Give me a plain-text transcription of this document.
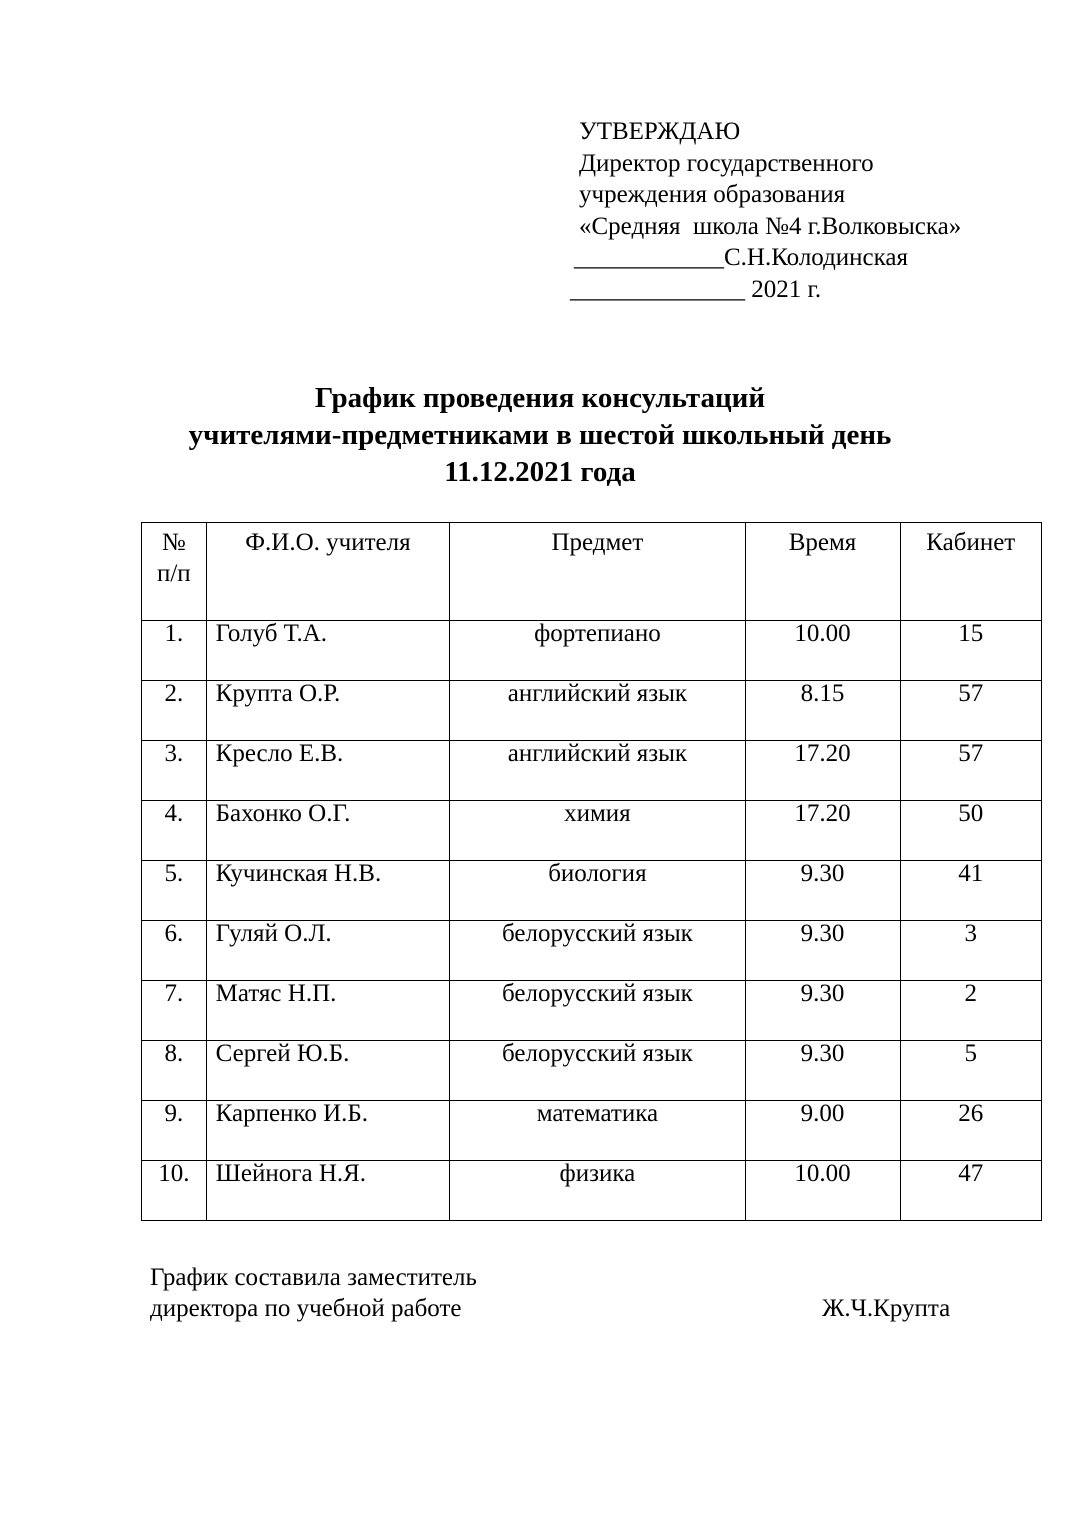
УТВЕРЖДАЮ
Директор государственного
учреждения образования
«Средняя  школа №4 г.Волковыска»
____________С.Н.Колодинская
______________ 2021 г.
График проведения консультаций
учителями-предметниками в шестой школьный день
11.12.2021 года
№
п/п	Ф.И.О. учителя	Предмет	Время	Кабинет

1.	Голуб Т.А.	фортепиано	10.00	15

2.	Крупта О.Р.	английский язык	8.15	57

3.	Кресло Е.В.	английский язык	17.20	57

4.	Бахонко О.Г.	химия	17.20	50

5.	Кучинская Н.В.	биология	9.30	41

6.	Гуляй О.Л.	белорусский язык	9.30	3

7.	Матяс Н.П.	белорусский язык	9.30	2

8.	Сергей Ю.Б.	белорусский язык	9.30	5

9.	Карпенко И.Б.	математика	9.00	26

10.	Шейнога Н.Я.	физика	10.00	47
График составила заместитель
директора по учебной работе	Ж.Ч.Крупта
